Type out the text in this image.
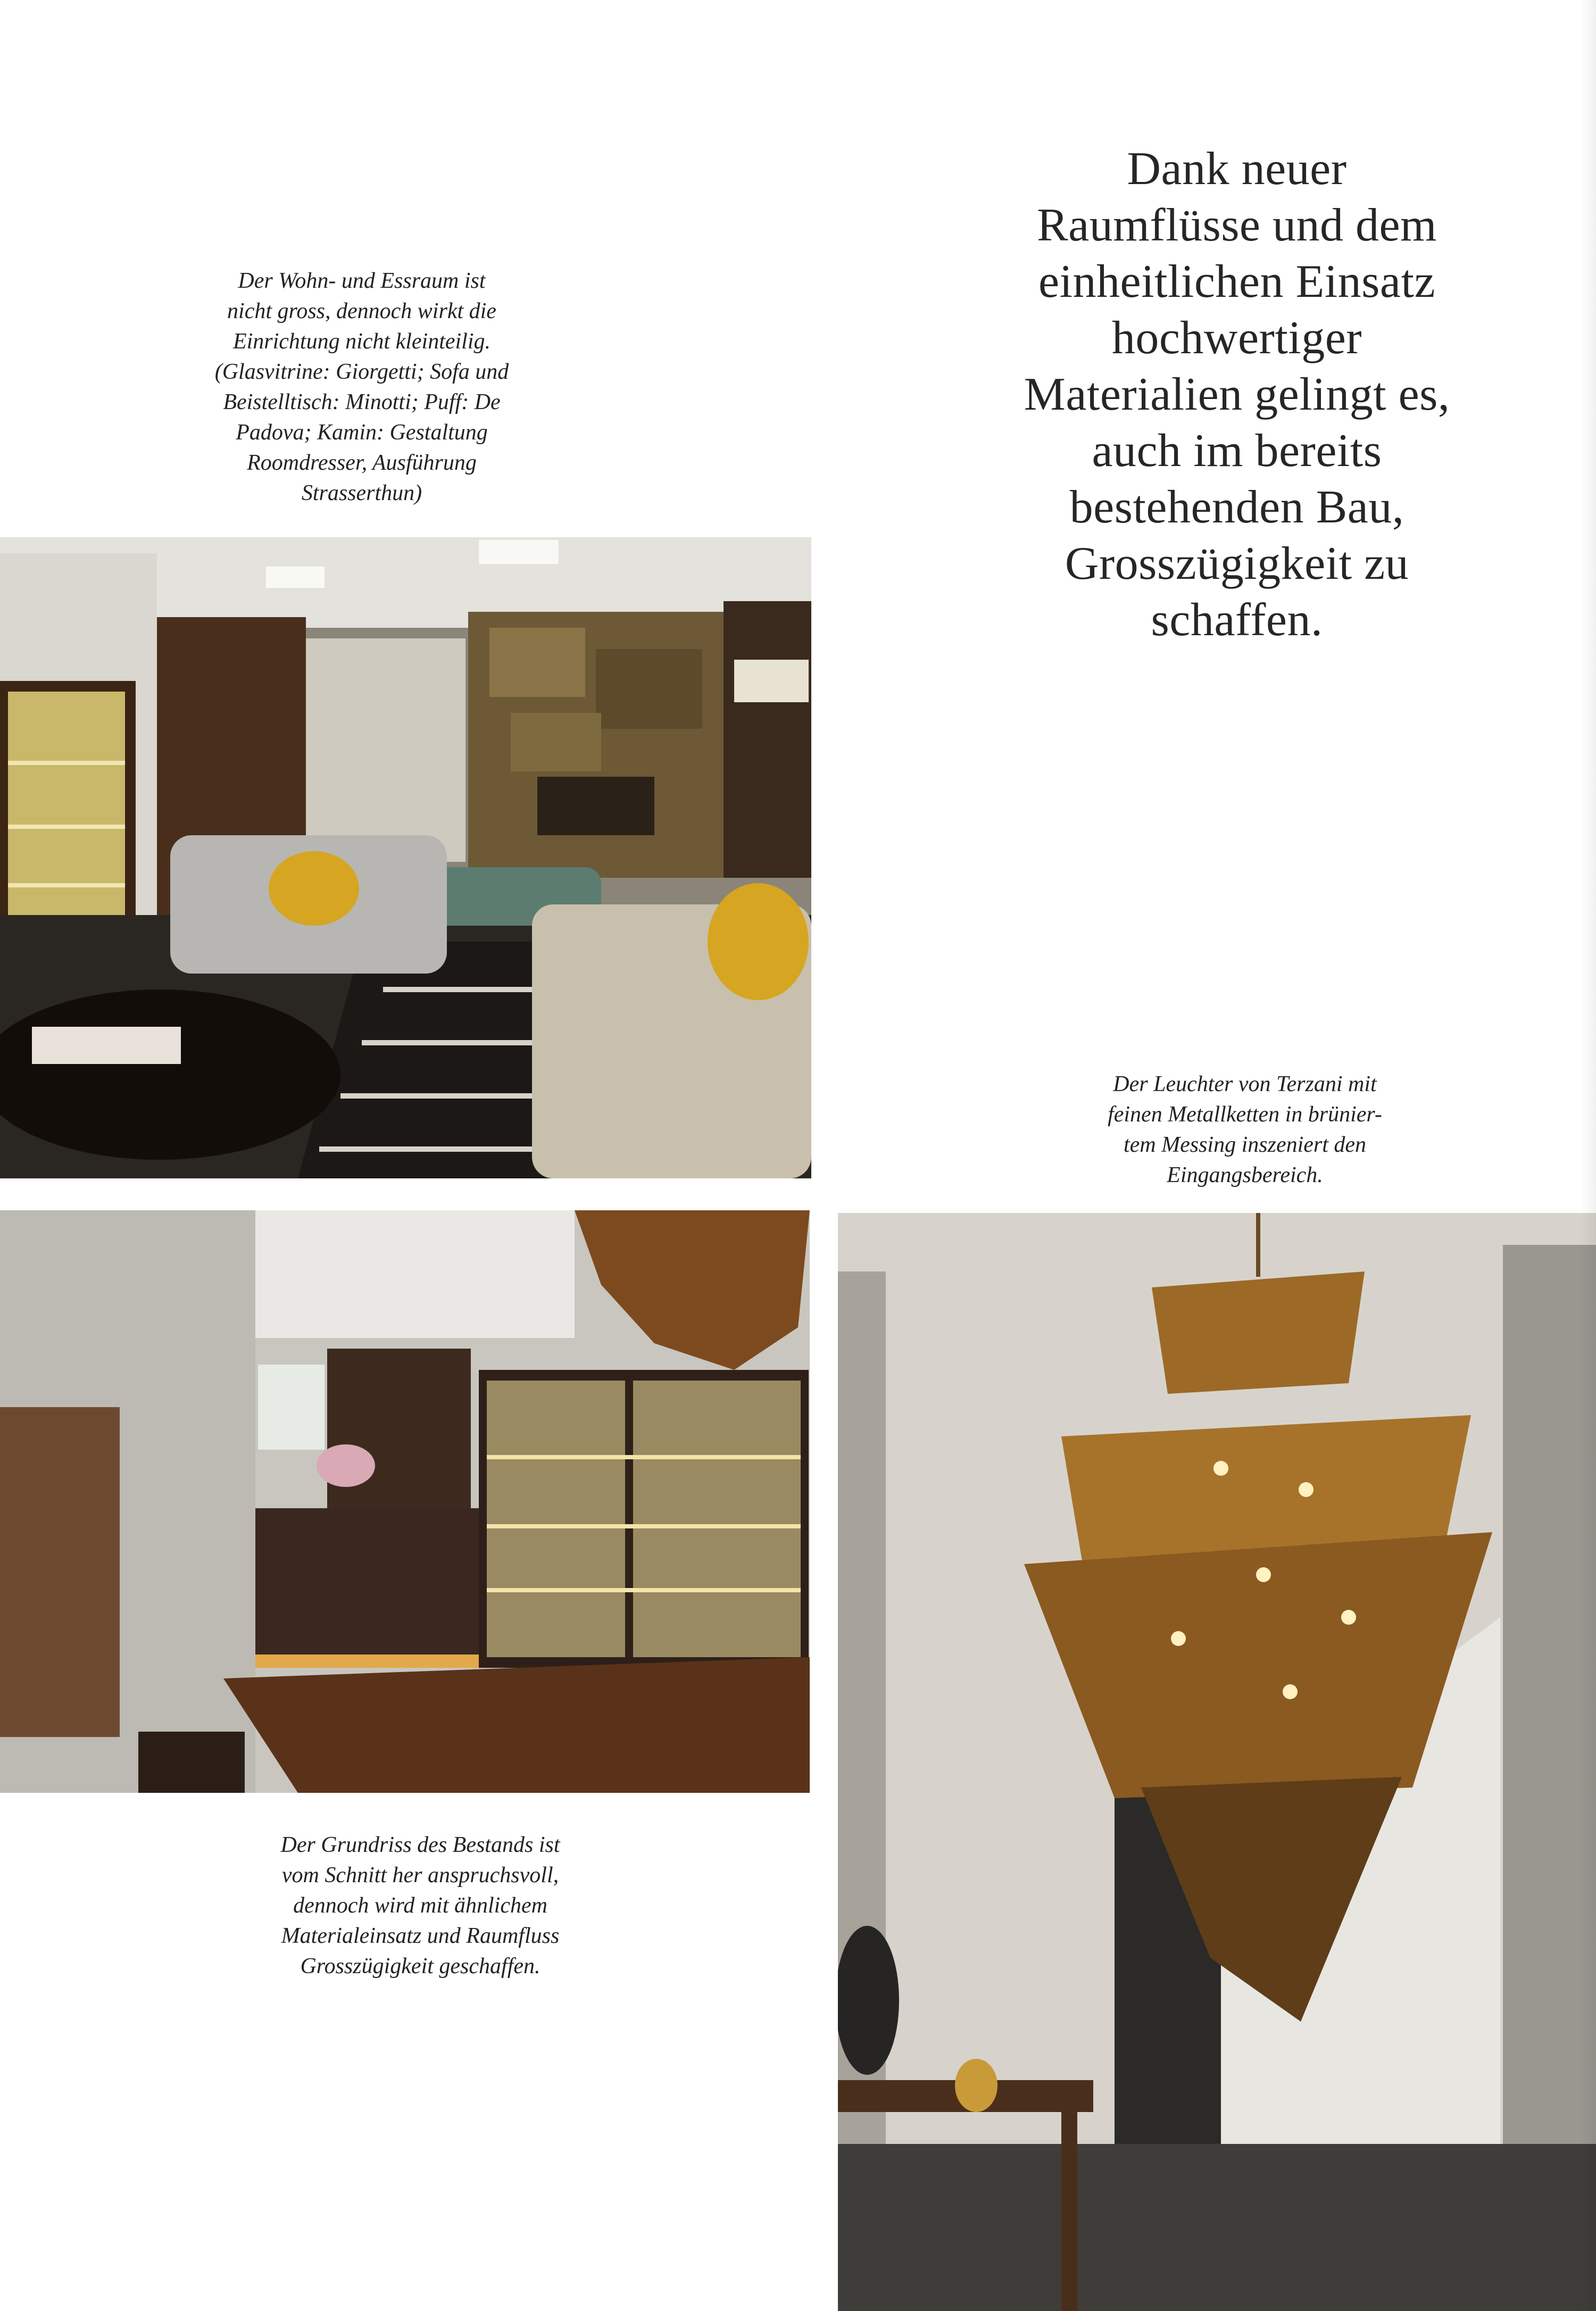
Der Wohn- und Essraum ist
nicht gross, dennoch wirkt die
Einrichtung nicht kleinteilig.
(Glasvitrine: Giorgetti; Sofa und
Beistelltisch: Minotti; Puff: De
Padova; Kamin: Gestaltung
Roomdresser, Ausführung
Strasserthun)
Dank neuer
Raumflüsse und dem
einheitlichen Einsatz
hochwertiger
Materialien gelingt es,
auch im bereits
bestehenden Bau,
Grosszügigkeit zu
schaffen.
Der Grundriss des Bestands ist
vom Schnitt her anspruchsvoll,
dennoch wird mit ähnlichem
Materialeinsatz und Raumfluss
Grosszügigkeit geschaffen.
Der Leuchter von Terzani mit
feinen Metallketten in brünier-
tem Messing inszeniert den
Eingangsbereich.
